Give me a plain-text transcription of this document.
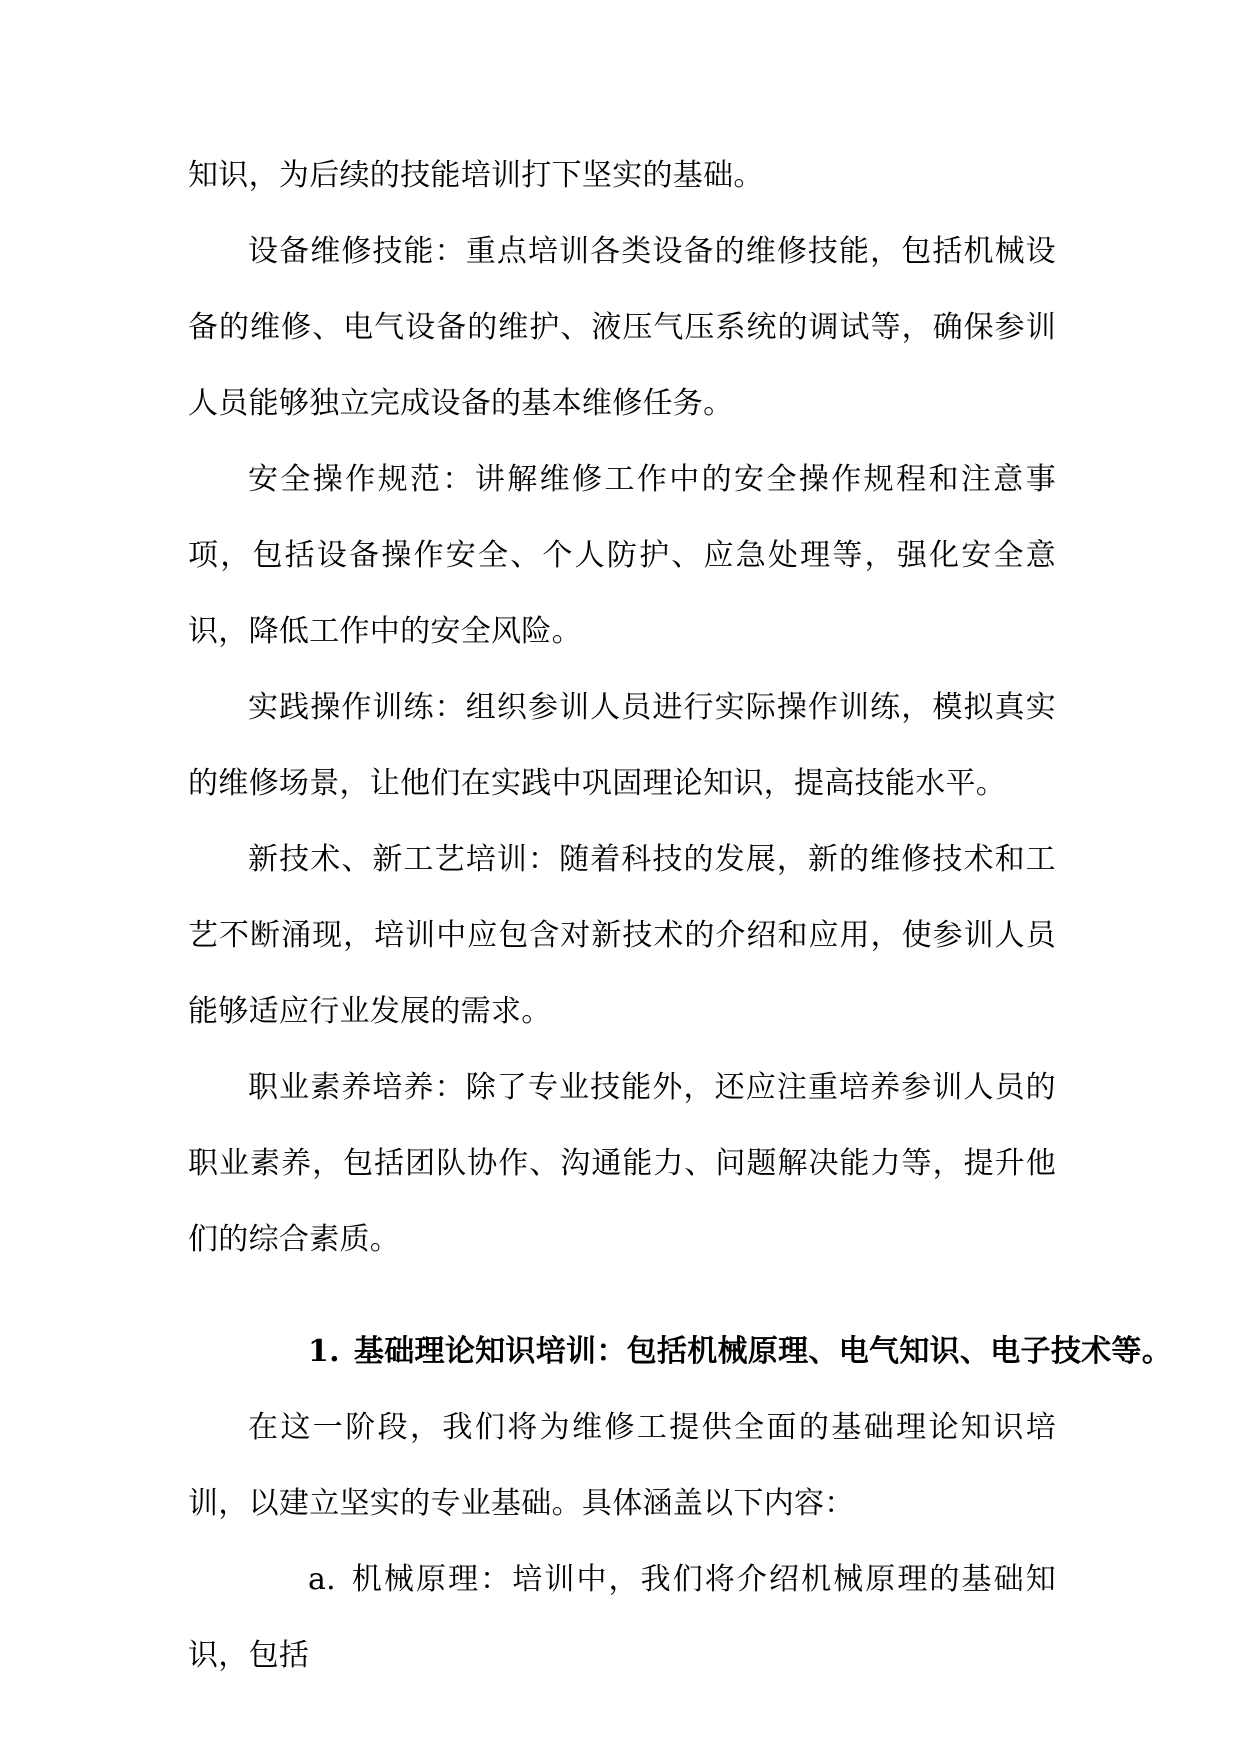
知识，为后续的技能培训打下坚实的基础。

设备维修技能：重点培训各类设备的维修技能，包括机械设备的维修、电气设备的维护、液压气压系统的调试等，确保参训人员能够独立完成设备的基本维修任务。

安全操作规范：讲解维修工作中的安全操作规程和注意事项，包括设备操作安全、个人防护、应急处理等，强化安全意识，降低工作中的安全风险。

实践操作训练：组织参训人员进行实际操作训练，模拟真实的维修场景，让他们在实践中巩固理论知识，提高技能水平。

新技术、新工艺培训：随着科技的发展，新的维修技术和工艺不断涌现，培训中应包含对新技术的介绍和应用，使参训人员能够适应行业发展的需求。

职业素养培养：除了专业技能外，还应注重培养参训人员的职业素养，包括团队协作、沟通能力、问题解决能力等，提升他们的综合素质。

1. 基础理论知识培训：包括机械原理、电气知识、电子技术等。

在这一阶段，我们将为维修工提供全面的基础理论知识培训，以建立坚实的专业基础。具体涵盖以下内容：

a. 机械原理：培训中，我们将介绍机械原理的基础知识，包括
